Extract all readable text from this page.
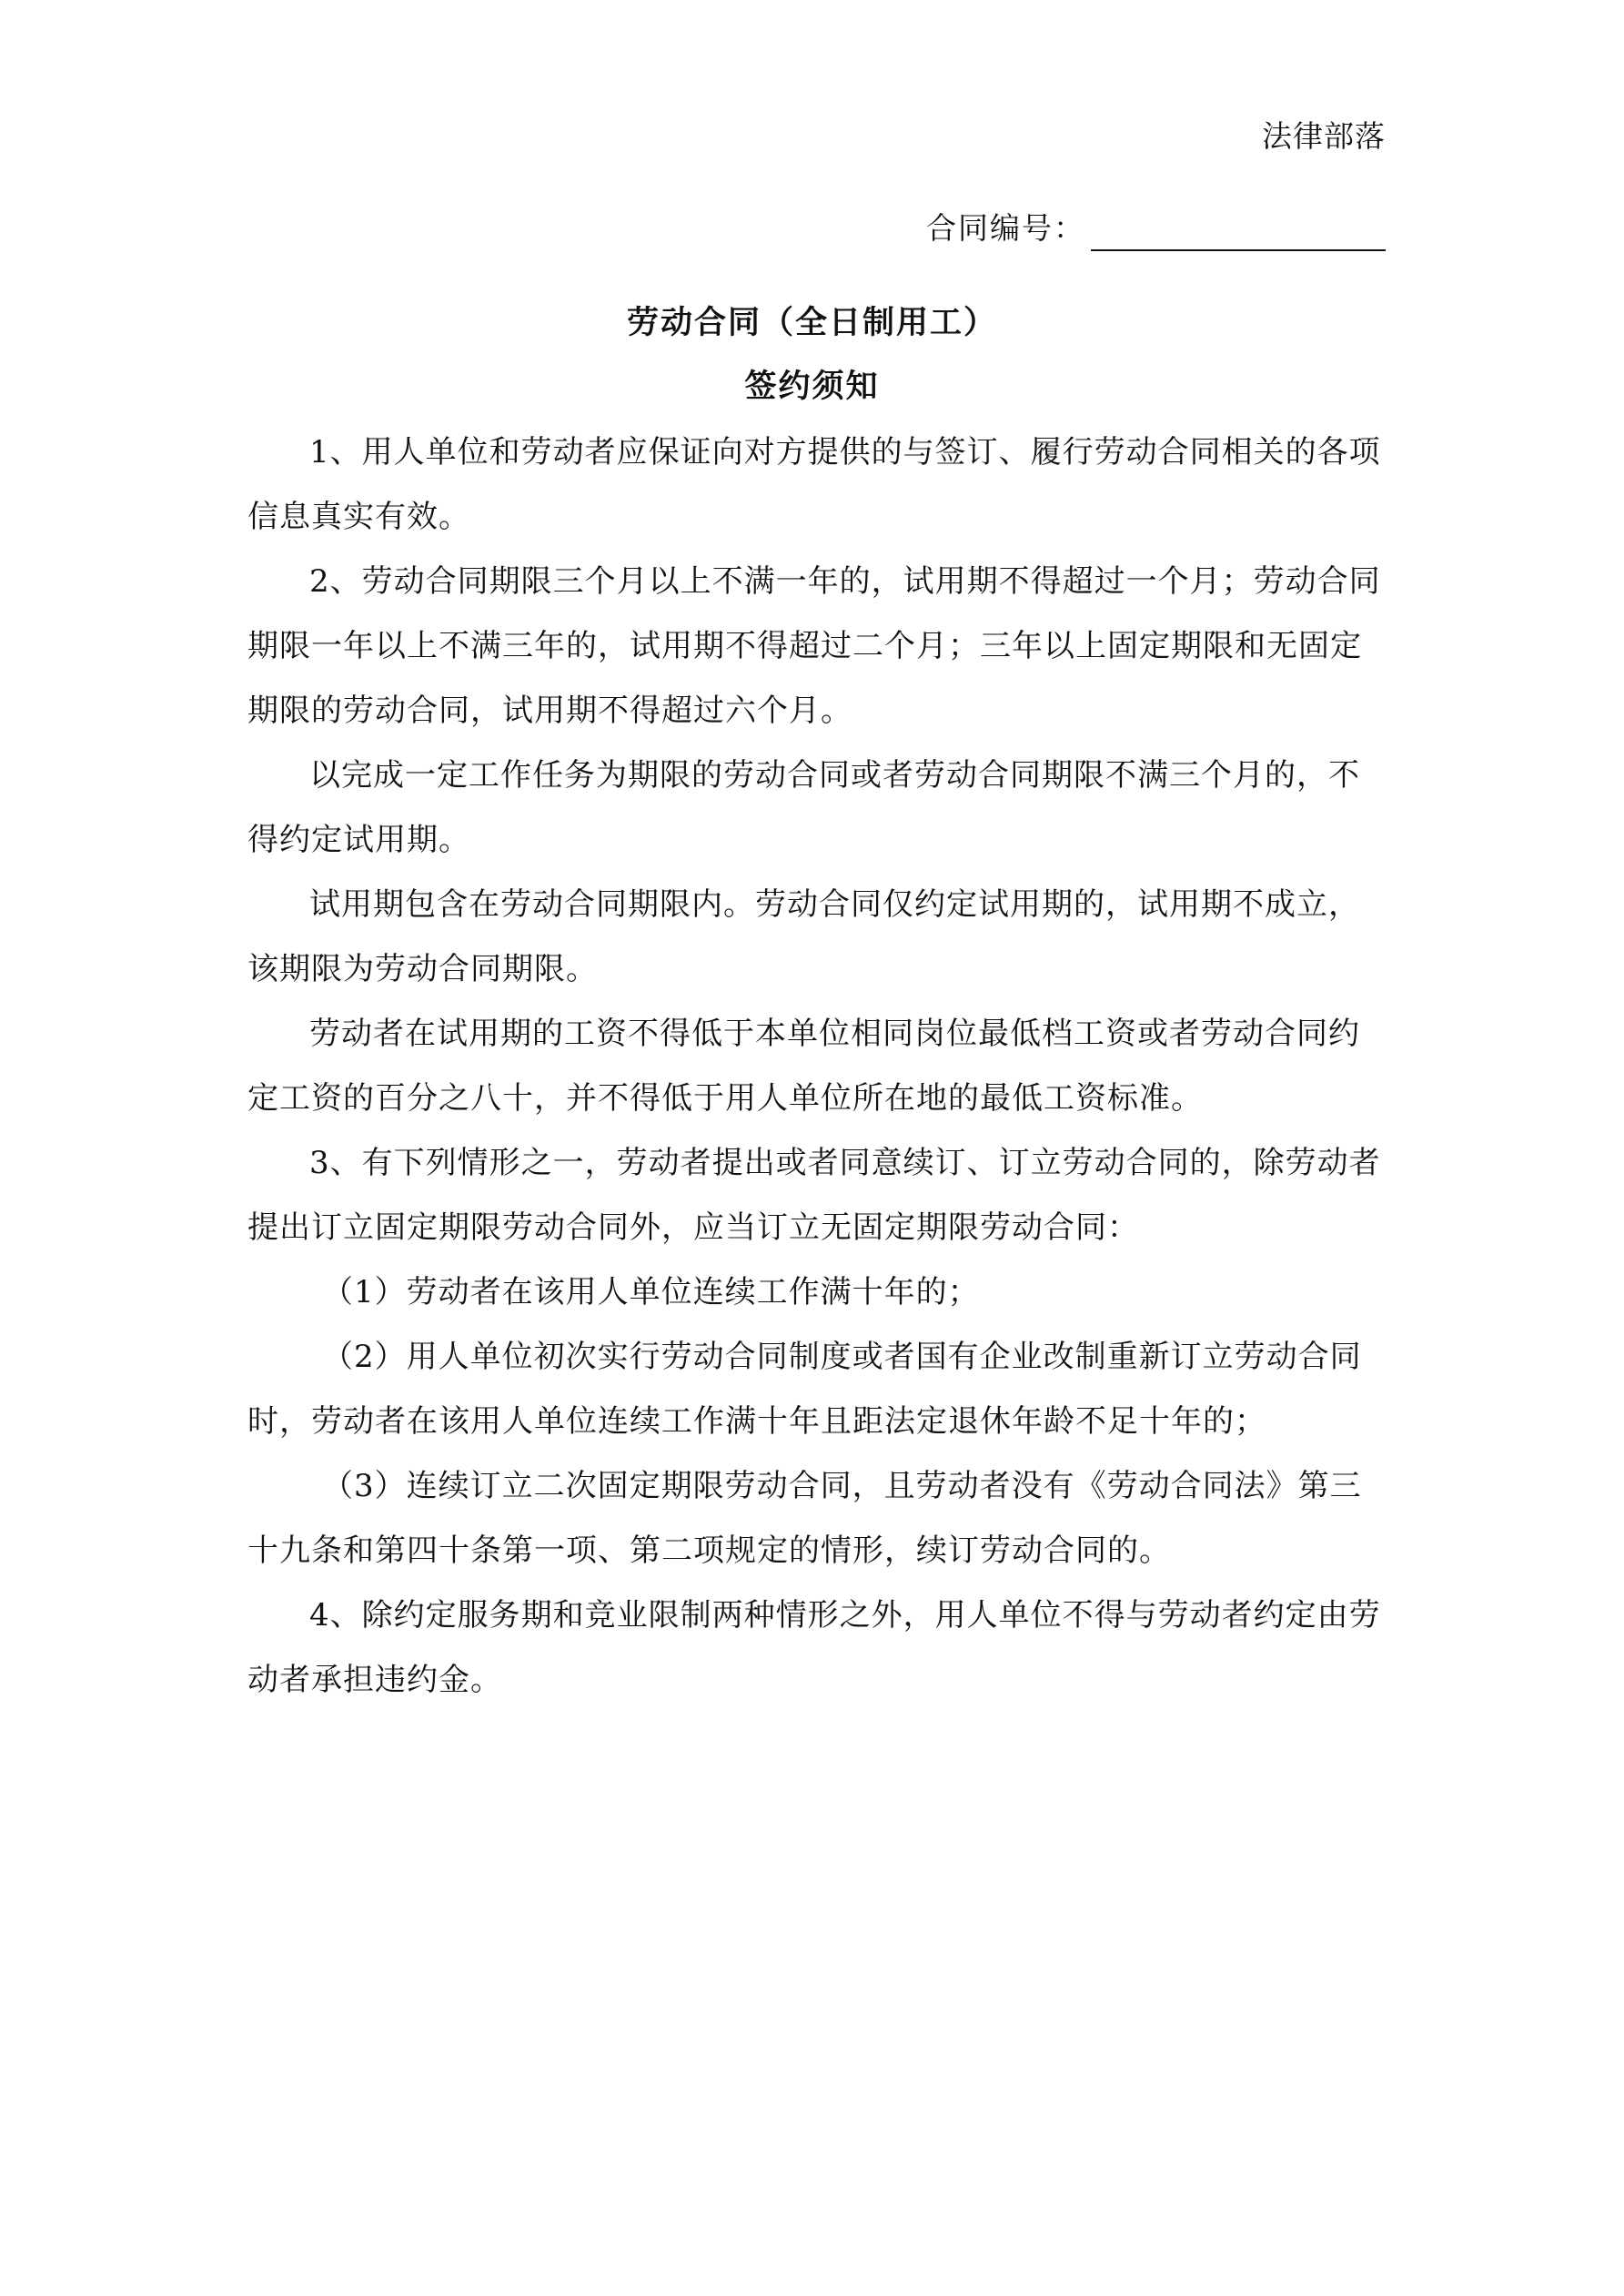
法律部落
合同编号：
劳动合同（全日制用工）
签约须知

1、用人单位和劳动者应保证向对方提供的与签订、履行劳动合同相关的各项信息真实有效。

2、劳动合同期限三个月以上不满一年的，试用期不得超过一个月；劳动合同期限一年以上不满三年的，试用期不得超过二个月；三年以上固定期限和无固定期限的劳动合同，试用期不得超过六个月。

以完成一定工作任务为期限的劳动合同或者劳动合同期限不满三个月的，不得约定试用期。

试用期包含在劳动合同期限内。劳动合同仅约定试用期的，试用期不成立，该期限为劳动合同期限。

劳动者在试用期的工资不得低于本单位相同岗位最低档工资或者劳动合同约定工资的百分之八十，并不得低于用人单位所在地的最低工资标准。

3、有下列情形之一，劳动者提出或者同意续订、订立劳动合同的，除劳动者提出订立固定期限劳动合同外，应当订立无固定期限劳动合同：

（1）劳动者在该用人单位连续工作满十年的；

（2）用人单位初次实行劳动合同制度或者国有企业改制重新订立劳动合同时，劳动者在该用人单位连续工作满十年且距法定退休年龄不足十年的；

（3）连续订立二次固定期限劳动合同，且劳动者没有《劳动合同法》第三十九条和第四十条第一项、第二项规定的情形，续订劳动合同的。

4、除约定服务期和竞业限制两种情形之外，用人单位不得与劳动者约定由劳动者承担违约金。
